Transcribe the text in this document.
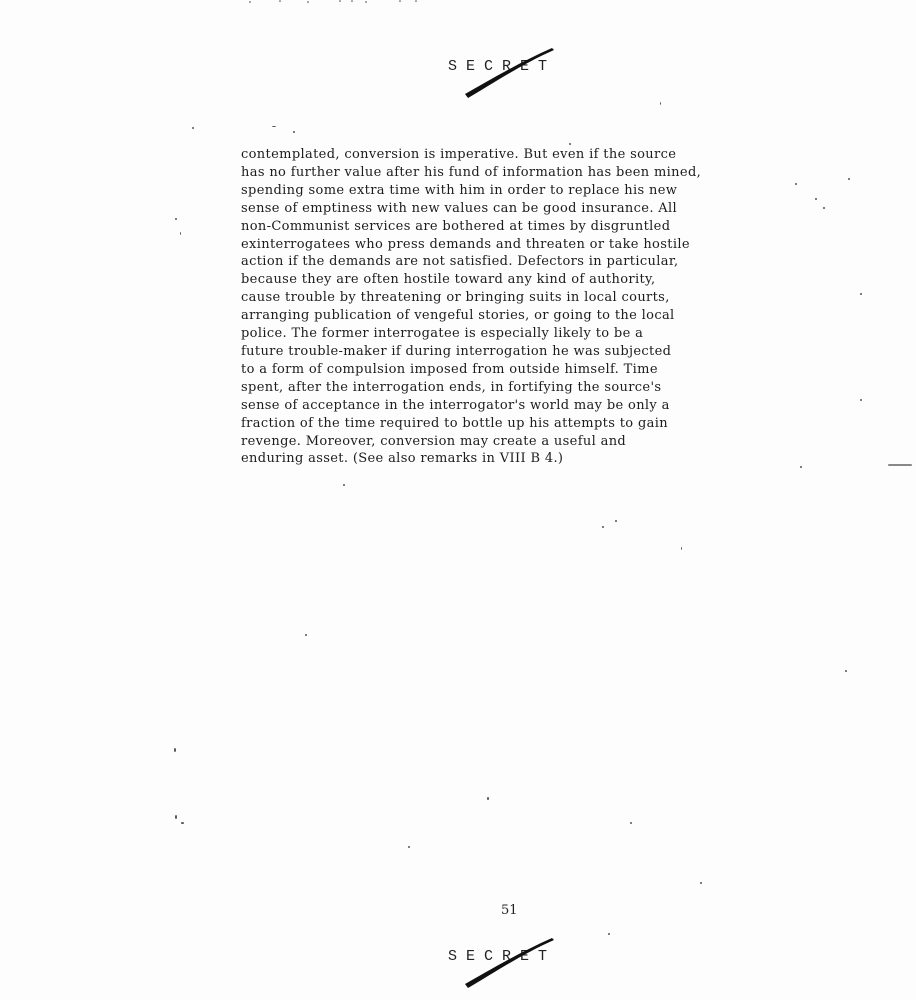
SECRET
contemplated, conversion is imperative. But even if the source
has no further value after his fund of information has been mined,
spending some extra time with him in order to replace his new
sense of emptiness with new values can be good insurance. All
non-Communist services are bothered at times by disgruntled
exinterrogatees who press demands and threaten or take hostile
action if the demands are not satisfied. Defectors in particular,
because they are often hostile toward any kind of authority,
cause trouble by threatening or bringing suits in local courts,
arranging publication of vengeful stories, or going to the local
police. The former interrogatee is especially likely to be a
future trouble-maker if during interrogation he was subjected
to a form of compulsion imposed from outside himself. Time
spent, after the interrogation ends, in fortifying the source's
sense of acceptance in the interrogator's world may be only a
fraction of the time required to bottle up his attempts to gain
revenge. Moreover, conversion may create a useful and
enduring asset. (See also remarks in VIII B 4.)
51
SECRET
